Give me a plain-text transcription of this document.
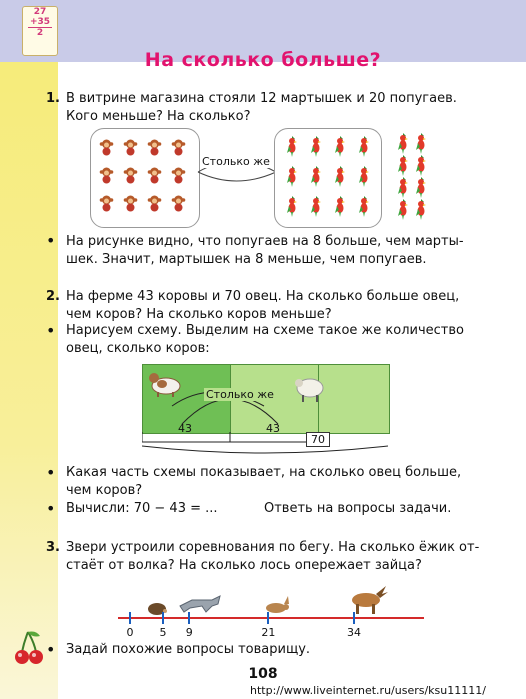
27
+35
2
На сколько больше?
1. В витрине магазина стояли 12 мартышек и 20 попугаев.
Кого меньше? На сколько?
Столько же
• На рисунке видно, что попугаев на 8 больше, чем марты-
шек. Значит, мартышек на 8 меньше, чем попугаев.
2. На ферме 43 коровы и 70 овец. На сколько больше овец,
чем коров? На сколько коров меньше?
• Нарисуем схему. Выделим на схеме такое же количество
овец, сколько коров:
Столько же
43	43
70
• Какая часть схемы показывает, на сколько овец больше,
чем коров?
• Вычисли: 70 − 43 = ...	Ответь на вопросы задачи.
3. Звери устроили соревнования по бегу. На сколько ёжик от-
стаёт от волка? На сколько лось опережает зайца?
0	5	9	21	34
• Задай похожие вопросы товарищу.
108
http://www.liveinternet.ru/users/ksu11111/
